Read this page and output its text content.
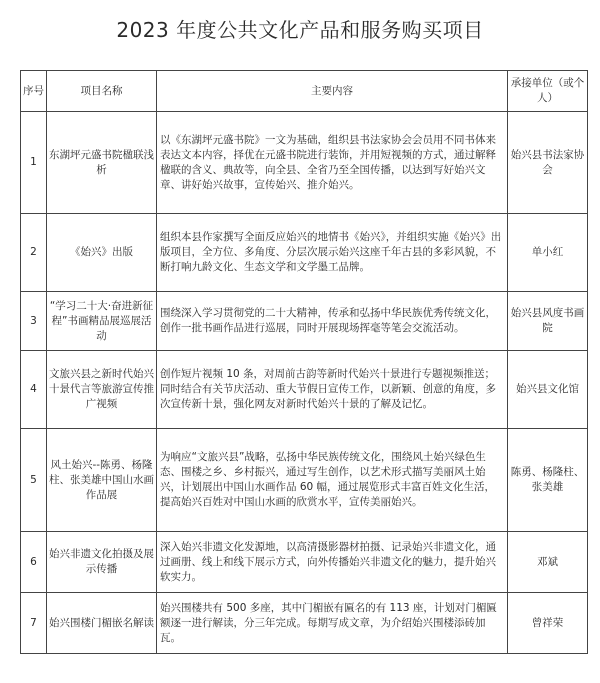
2023 年度公共文化产品和服务购买项目
序号	项目名称	主要内容	承接单位（或个人）
1	东湖坪元盛书院楹联浅析	以《东湖坪元盛书院》一文为基础，组织县书法家协会会员用不同书体来表达文本内容，择优在元盛书院进行装饰，并用短视频的方式，通过解释楹联的含义、典故等，向全县、全省乃至全国传播，以达到写好始兴文章、讲好始兴故事，宣传始兴、推介始兴。	始兴县书法家协会
2	《始兴》出版	组织本县作家撰写全面反应始兴的地情书《始兴》，并组织实施《始兴》出版项目，全方位、多角度、分层次展示始兴这座千年古县的多彩风貌，不断打响九龄文化、生态文学和文学墨工品牌。	单小红
3	“学习二十大·奋进新征程”书画精品展巡展活动	围绕深入学习贯彻党的二十大精神，传承和弘扬中华民族优秀传统文化，创作一批书画作品进行巡展，同时开展现场挥毫等笔会交流活动。	始兴县风度书画院
4	文旅兴县之新时代始兴十景代言等旅游宣传推广视频	创作短片视频 10 条，对周前古韵等新时代始兴十景进行专题视频推送；同时结合有关节庆活动、重大节假日宣传工作，以新颖、创意的角度，多次宣传新十景，强化网友对新时代始兴十景的了解及记忆。	始兴县文化馆
5	风土始兴--陈勇、杨隆柱、张美雄中国山水画作品展	为响应“文旅兴县”战略，弘扬中华民族传统文化，围绕风土始兴绿色生态、围楼之乡、乡村振兴，通过写生创作，以艺术形式描写美丽风土始兴，计划展出中国山水画作品 60 幅，通过展览形式丰富百姓文化生活，提高始兴百姓对中国山水画的欣赏水平，宣传美丽始兴。	陈勇、杨隆柱、张美雄
6	始兴非遗文化拍摄及展示传播	深入始兴非遗文化发源地，以高清摄影器材拍摄、记录始兴非遗文化，通过画册、线上和线下展示方式，向外传播始兴非遗文化的魅力，提升始兴软实力。	邓斌
7	始兴围楼门楣嵌名解读	始兴围楼共有 500 多座，其中门楣嵌有匾名的有 113 座，计划对门楣匾额逐一进行解读，分三年完成。每期写成文章，为介绍始兴围楼添砖加瓦。	曾祥荣
